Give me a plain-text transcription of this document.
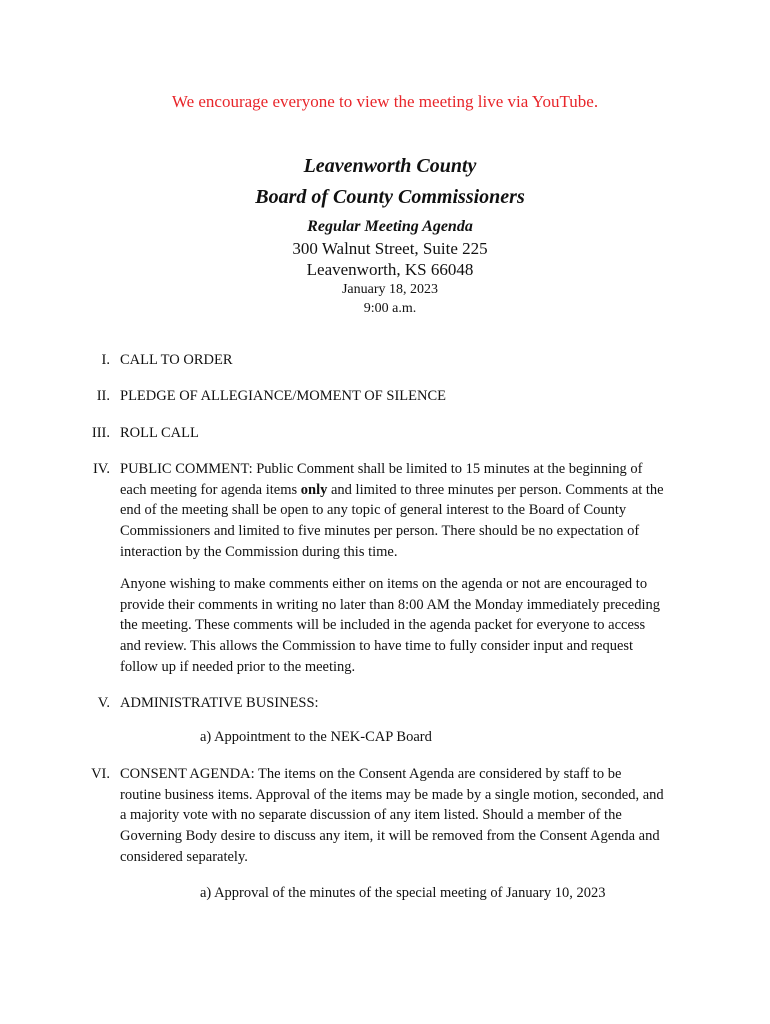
We encourage everyone to view the meeting live via YouTube.
Leavenworth County
Board of County Commissioners
Regular Meeting Agenda
300 Walnut Street, Suite 225
Leavenworth, KS 66048
January 18, 2023
9:00 a.m.
I. CALL TO ORDER
II. PLEDGE OF ALLEGIANCE/MOMENT OF SILENCE
III. ROLL CALL
IV. PUBLIC COMMENT: Public Comment shall be limited to 15 minutes at the beginning of each meeting for agenda items only and limited to three minutes per person. Comments at the end of the meeting shall be open to any topic of general interest to the Board of County Commissioners and limited to five minutes per person. There should be no expectation of interaction by the Commission during this time.
Anyone wishing to make comments either on items on the agenda or not are encouraged to provide their comments in writing no later than 8:00 AM the Monday immediately preceding the meeting. These comments will be included in the agenda packet for everyone to access and review. This allows the Commission to have time to fully consider input and request follow up if needed prior to the meeting.
V. ADMINISTRATIVE BUSINESS:
a) Appointment to the NEK-CAP Board
VI. CONSENT AGENDA: The items on the Consent Agenda are considered by staff to be routine business items. Approval of the items may be made by a single motion, seconded, and a majority vote with no separate discussion of any item listed. Should a member of the Governing Body desire to discuss any item, it will be removed from the Consent Agenda and considered separately.
a) Approval of the minutes of the special meeting of January 10, 2023
